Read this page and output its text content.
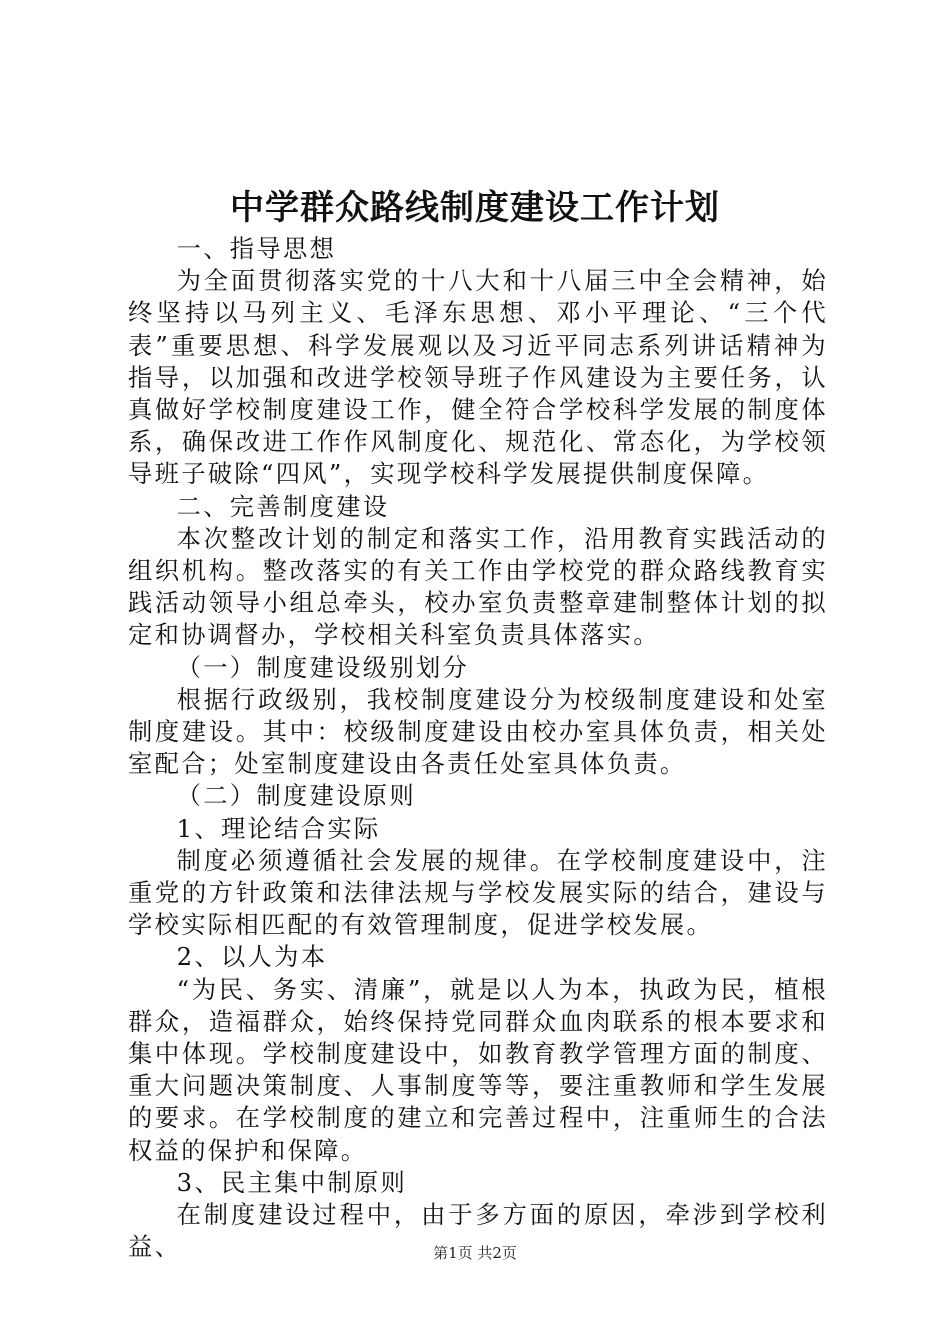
中学群众路线制度建设工作计划

一、指导思想

为全面贯彻落实党的十八大和十八届三中全会精神，始终坚持以马列主义、毛泽东思想、邓小平理论、“三个代表”重要思想、科学发展观以及习近平同志系列讲话精神为指导，以加强和改进学校领导班子作风建设为主要任务，认真做好学校制度建设工作，健全符合学校科学发展的制度体系，确保改进工作作风制度化、规范化、常态化，为学校领导班子破除“四风”，实现学校科学发展提供制度保障。

二、完善制度建设

本次整改计划的制定和落实工作，沿用教育实践活动的组织机构。整改落实的有关工作由学校党的群众路线教育实践活动领导小组总牵头，校办室负责整章建制整体计划的拟定和协调督办，学校相关科室负责具体落实。

（一）制度建设级别划分

根据行政级别，我校制度建设分为校级制度建设和处室制度建设。其中：校级制度建设由校办室具体负责，相关处室配合；处室制度建设由各责任处室具体负责。

（二）制度建设原则

1、理论结合实际

制度必须遵循社会发展的规律。在学校制度建设中，注重党的方针政策和法律法规与学校发展实际的结合，建设与学校实际相匹配的有效管理制度，促进学校发展。

2、以人为本

“为民、务实、清廉”，就是以人为本，执政为民，植根群众，造福群众，始终保持党同群众血肉联系的根本要求和集中体现。学校制度建设中，如教育教学管理方面的制度、重大问题决策制度、人事制度等等，要注重教师和学生发展的要求。在学校制度的建立和完善过程中，注重师生的合法权益的保护和保障。

3、民主集中制原则

在制度建设过程中，由于多方面的原因，牵涉到学校利益、	第1页 共2页
